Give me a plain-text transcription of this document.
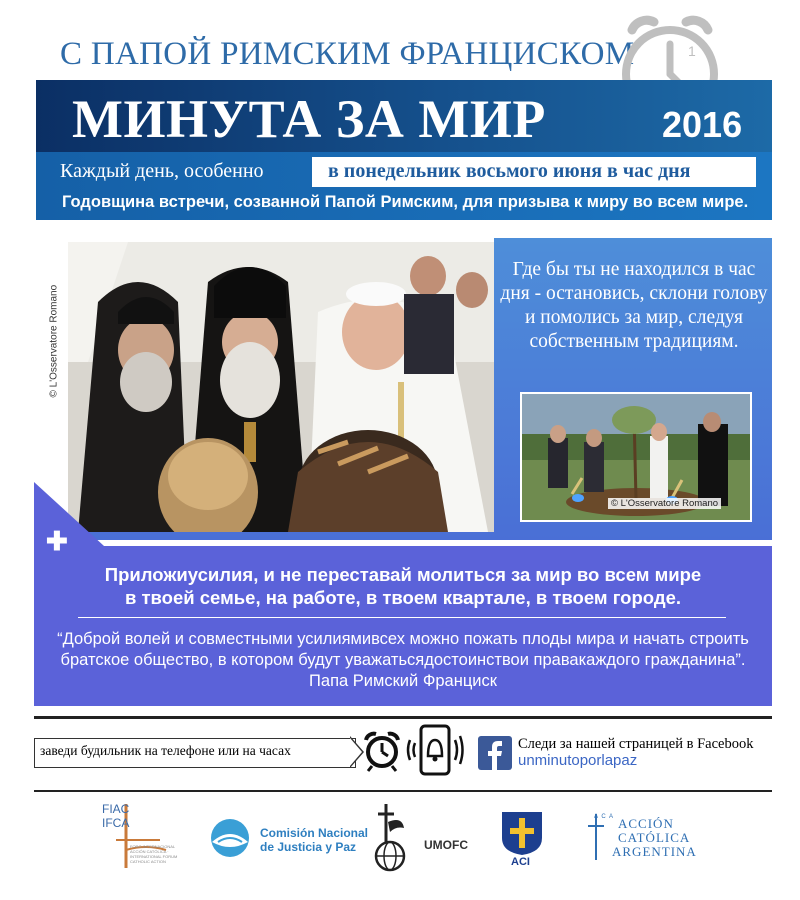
С ПАПОЙ РИМСКИМ ФРАНЦИСКОМ	1
МИНУТА ЗА МИР	2016
Каждый день, особенно	в понедельник восьмого июня в час дня
Годовщина встречи, созванной Папой Римским, для призыва к миру во всем мире.
© L'Osservatore Romano
Где бы ты не находился в час дня - остановись, склони голову и помолись за мир, следуя собственным традициям.
© L'Osservatore Romano
✚
Приложиусилия, и не переставай молиться за мир во всем мире
в твоей семье, на работе, в твоем квартале, в твоем городе.
“Доброй волей и совместными усилиямивсех можно пожать плоды мира и начать строить братское общество, в котором будут уважатьсядостоинствои правакаждого гражданина”. Папа Римский Франциск
заведи будильник на телефоне или на часах	Следи за нашей страницей в Facebook
unminutoporlapaz
FIAC
IFCA
FORO INTERNACIONAL ACCIÓN CATÓLICA · INTERNATIONAL FORUM CATHOLIC ACTION
Comisión Nacional
de Justicia y Paz	UMOFC
ACI
A C A ACCIÓN
CATÓLICA
ARGENTINA
